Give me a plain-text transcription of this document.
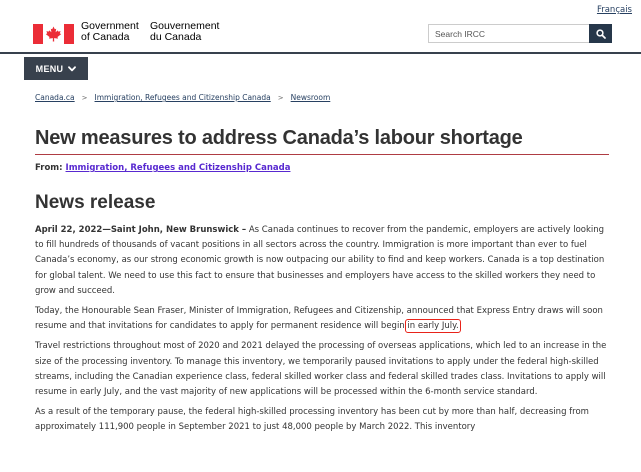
Français
Government
of Canada
Gouvernement
du Canada
Search IRCC
MENU
Canada.ca > Immigration, Refugees and Citizenship Canada > Newsroom
New measures to address Canada’s labour shortage
From: Immigration, Refugees and Citizenship Canada
News release

April 22, 2022—Saint John, New Brunswick – As Canada continues to recover from the pandemic, employers are actively looking to fill hundreds of thousands of vacant positions in all sectors across the country. Immigration is more important than ever to fuel Canada’s economy, as our strong economic growth is now outpacing our ability to find and keep workers. Canada is a top destination for global talent. We need to use this fact to ensure that businesses and employers have access to the skilled workers they need to grow and succeed.

Today, the Honourable Sean Fraser, Minister of Immigration, Refugees and Citizenship, announced that Express Entry draws will soon resume and that invitations for candidates to apply for permanent residence will begin in early July.

Travel restrictions throughout most of 2020 and 2021 delayed the processing of overseas applications, which led to an increase in the size of the processing inventory. To manage this inventory, we temporarily paused invitations to apply under the federal high-skilled streams, including the Canadian experience class, federal skilled worker class and federal skilled trades class. Invitations to apply will resume in early July, and the vast majority of new applications will be processed within the 6-month service standard.

As a result of the temporary pause, the federal high-skilled processing inventory has been cut by more than half, decreasing from approximately 111,900 people in September 2021 to just 48,000 people by March 2022. This inventory
